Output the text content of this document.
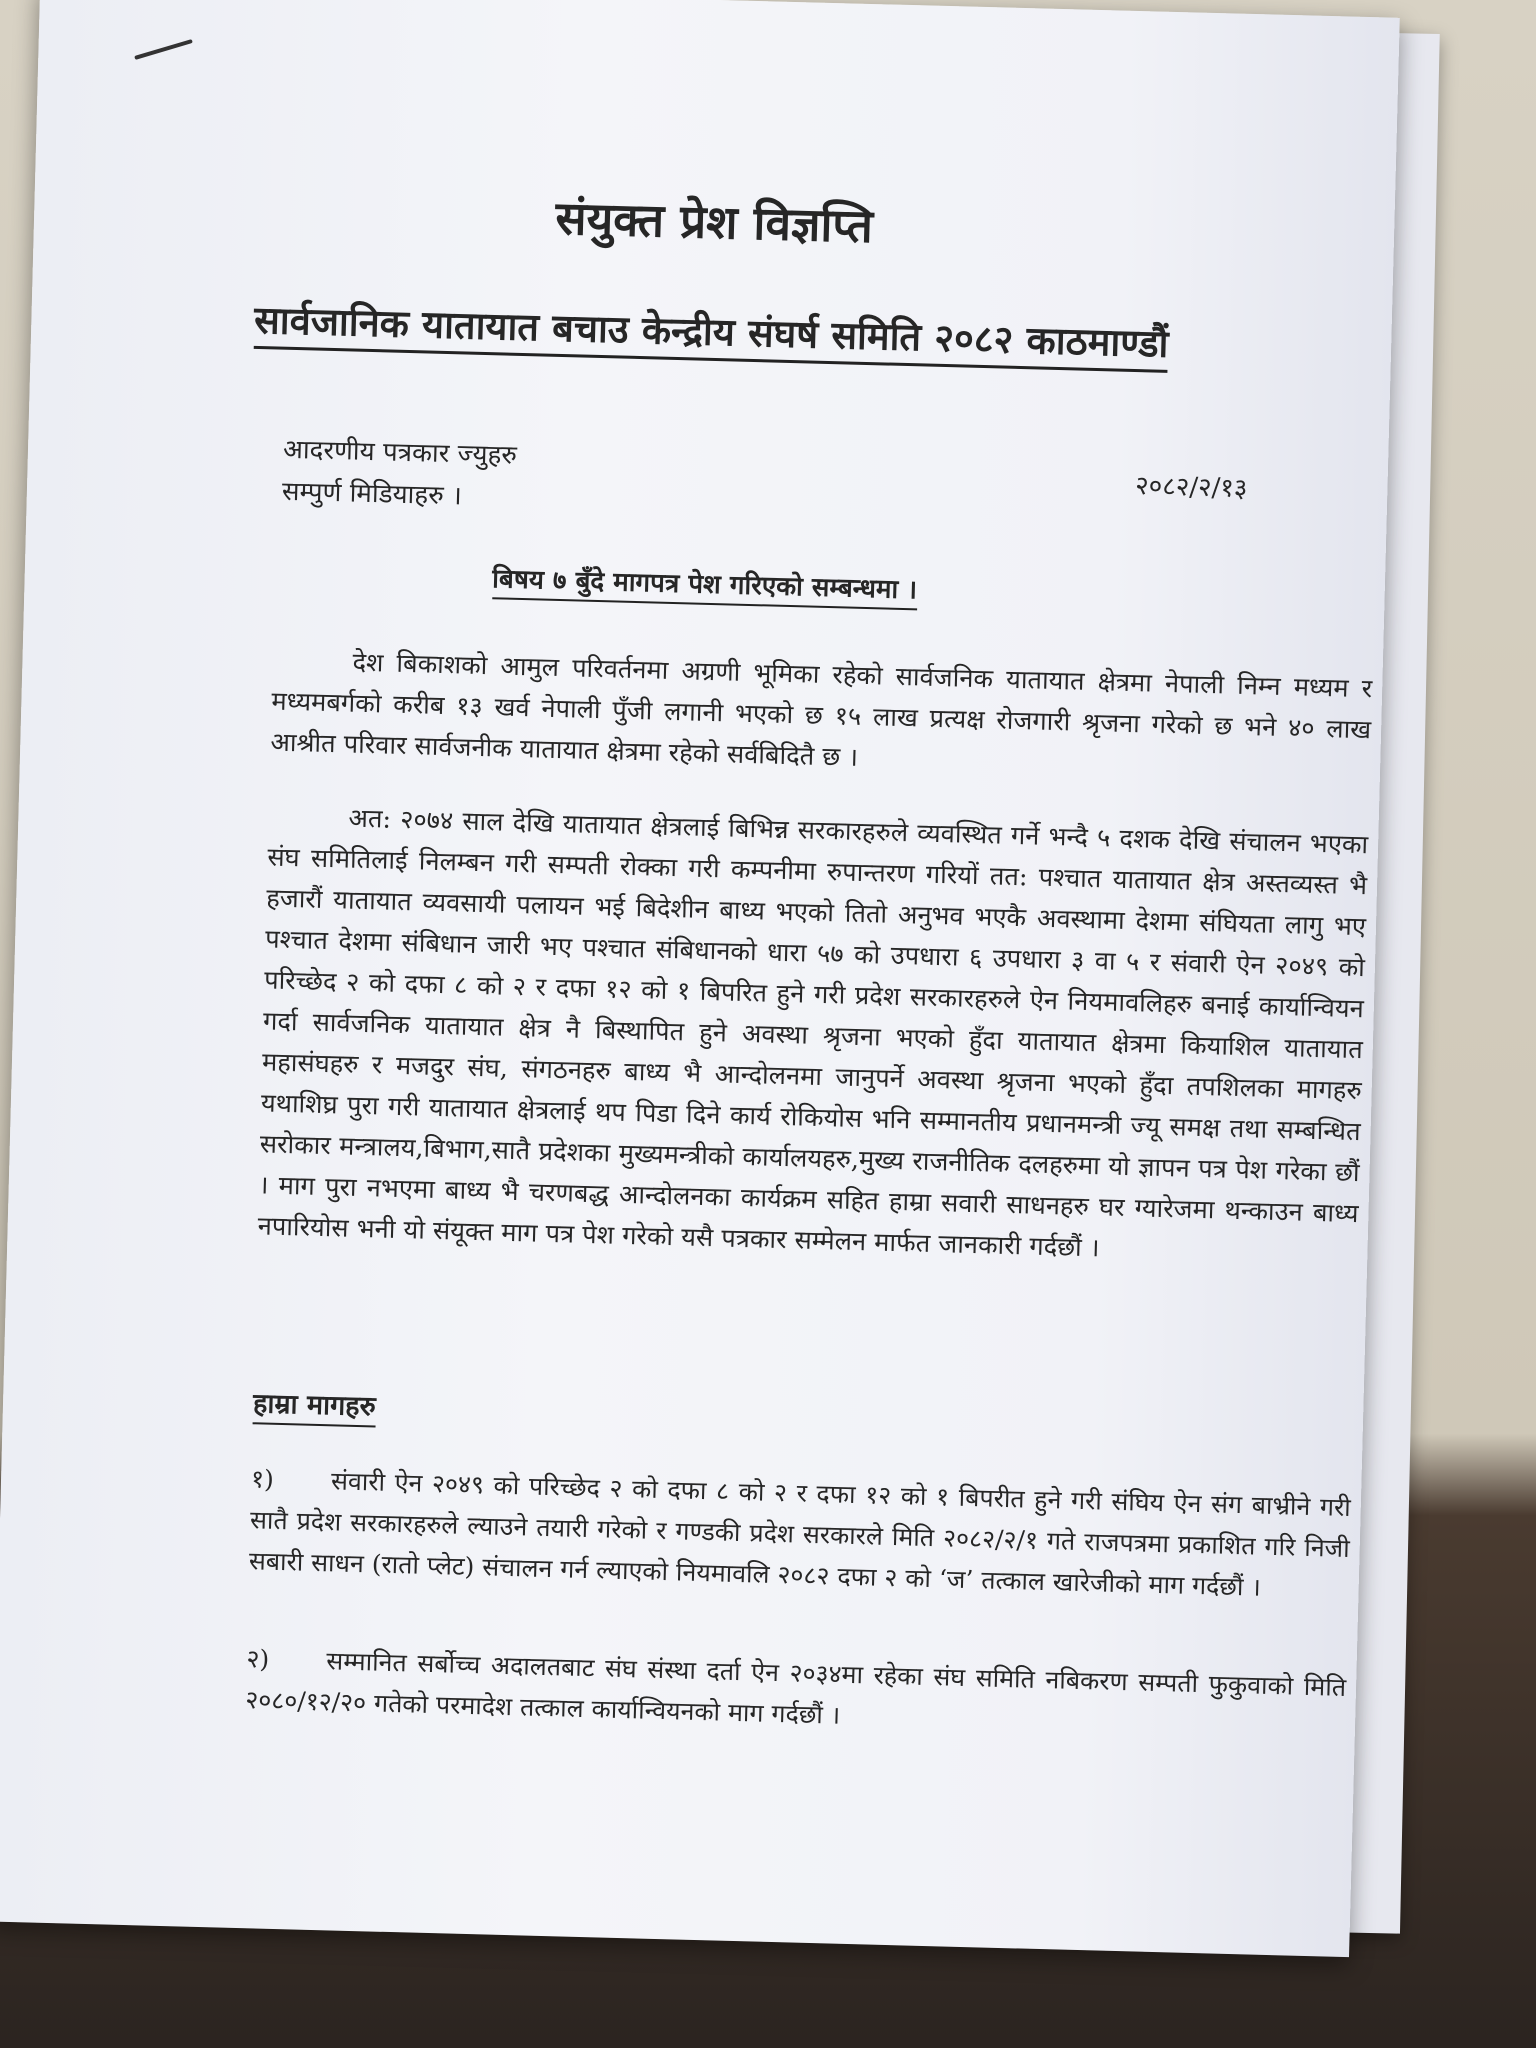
संयुक्त प्रेश विज्ञप्ति
सार्वजानिक यातायात बचाउ केन्द्रीय संघर्ष समिति २०८२ काठमाण्डौं
आदरणीय पत्रकार ज्युहरु
सम्पुर्ण मिडियाहरु ।	२०८२/२/१३
बिषय ७ बुँदे मागपत्र पेश गरिएको सम्बन्धमा ।
देश बिकाशको आमुल परिवर्तनमा अग्रणी भूमिका रहेको सार्वजनिक यातायात क्षेत्रमा नेपाली निम्न मध्यम र मध्यमबर्गको करीब १३ खर्व नेपाली पुँजी लगानी भएको छ १५ लाख प्रत्यक्ष रोजगारी श्रृजना गरेको छ भने ४० लाख आश्रीत परिवार सार्वजनीक यातायात क्षेत्रमा रहेको सर्वबिदितै छ ।
अत: २०७४ साल देखि यातायात क्षेत्रलाई बिभिन्न सरकारहरुले व्यवस्थित गर्ने भन्दै ५ दशक देखि संचालन भएका संघ समितिलाई निलम्बन गरी सम्पती रोक्का गरी कम्पनीमा रुपान्तरण गरियों तत: पश्चात यातायात क्षेत्र अस्तव्यस्त भै हजारौं यातायात व्यवसायी पलायन भई बिदेशीन बाध्य भएको तितो अनुभव भएकै अवस्थामा देशमा संघियता लागु भए पश्चात देशमा संबिधान जारी भए पश्चात संबिधानको धारा ५७ को उपधारा ६ उपधारा ३ वा ५ र संवारी ऐन २०४९ को परिच्छेद २ को दफा ८ को २ र दफा १२ को १ बिपरित हुने गरी प्रदेश सरकारहरुले ऐन नियमावलिहरु बनाई कार्यान्वियन गर्दा सार्वजनिक यातायात क्षेत्र नै बिस्थापित हुने अवस्था श्रृजना भएको हुँदा यातायात क्षेत्रमा कियाशिल यातायात महासंघहरु र मजदुर संघ, संगठनहरु बाध्य भै आन्दोलनमा जानुपर्ने अवस्था श्रृजना भएको हुँदा तपशिलका मागहरु यथाशिघ्र पुरा गरी यातायात क्षेत्रलाई थप पिडा दिने कार्य रोकियोस भनि सम्मानतीय प्रधानमन्त्री ज्यू समक्ष तथा सम्बन्धित सरोकार मन्त्रालय,बिभाग,सातै प्रदेशका मुख्यमन्त्रीको कार्यालयहरु,मुख्य राजनीतिक दलहरुमा यो ज्ञापन पत्र पेश गरेका छौं । माग पुरा नभएमा बाध्य भै चरणबद्ध आन्दोलनका कार्यक्रम सहित हाम्रा सवारी साधनहरु घर ग्यारेजमा थन्काउन बाध्य नपारियोस भनी यो संयूक्त माग पत्र पेश गरेको यसै पत्रकार सम्मेलन मार्फत जानकारी गर्दछौं ।
हाम्रा मागहरु
१) संवारी ऐन २०४९ को परिच्छेद २ को दफा ८ को २ र दफा १२ को १ बिपरीत हुने गरी संघिय ऐन संग बाभ्रीने गरी सातै प्रदेश सरकारहरुले ल्याउने तयारी गरेको र गण्डकी प्रदेश सरकारले मिति २०८२/२/१ गते राजपत्रमा प्रकाशित गरि निजी सबारी साधन (रातो प्लेट) संचालन गर्न ल्याएको नियमावलि २०८२ दफा २ को ‘ज’ तत्काल खारेजीको माग गर्दछौं ।
२) सम्मानित सर्बोच्च अदालतबाट संघ संस्था दर्ता ऐन २०३४मा रहेका संघ समिति नबिकरण सम्पती फुकुवाको मिति २०८०/१२/२० गतेको परमादेश तत्काल कार्यान्वियनको माग गर्दछौं ।
